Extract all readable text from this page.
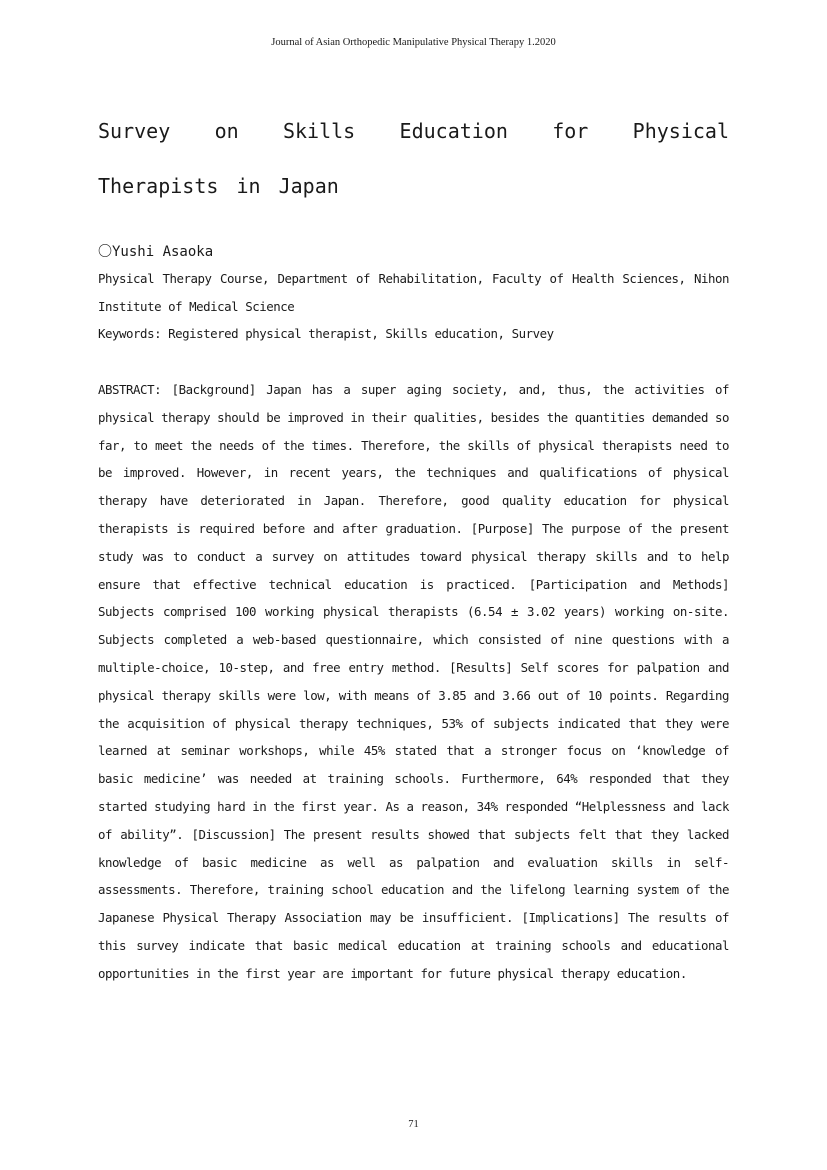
Journal of Asian Orthopedic Manipulative Physical Therapy 1.2020
Survey on Skills Education for Physical Therapists in Japan
〇Yushi Asaoka
Physical Therapy Course, Department of Rehabilitation, Faculty of Health Sciences, Nihon Institute of Medical Science
Keywords: Registered physical therapist, Skills education, Survey

ABSTRACT: [Background] Japan has a super aging society, and, thus, the activities of physical therapy should be improved in their qualities, besides the quantities demanded so far, to meet the needs of the times. Therefore, the skills of physical therapists need to be improved. However, in recent years, the techniques and qualifications of physical therapy have deteriorated in Japan. Therefore, good quality education for physical therapists is required before and after graduation. [Purpose] The purpose of the present study was to conduct a survey on attitudes toward physical therapy skills and to help ensure that effective technical education is practiced. [Participation and Methods] Subjects comprised 100 working physical therapists (6.54 ± 3.02 years) working on-site. Subjects completed a web-based questionnaire, which consisted of nine questions with a multiple-choice, 10-step, and free entry method. [Results] Self scores for palpation and physical therapy skills were low, with means of 3.85 and 3.66 out of 10 points. Regarding the acquisition of physical therapy techniques, 53% of subjects indicated that they were learned at seminar workshops, while 45% stated that a stronger focus on ‘knowledge of basic medicine’ was needed at training schools. Furthermore, 64% responded that they started studying hard in the first year. As a reason, 34% responded “Helplessness and lack of ability”. [Discussion] The present results showed that subjects felt that they lacked knowledge of basic medicine as well as palpation and evaluation skills in self-assessments. Therefore, training school education and the lifelong learning system of the Japanese Physical Therapy Association may be insufficient. [Implications] The results of this survey indicate that basic medical education at training schools and educational opportunities in the first year are important for future physical therapy education.

71
